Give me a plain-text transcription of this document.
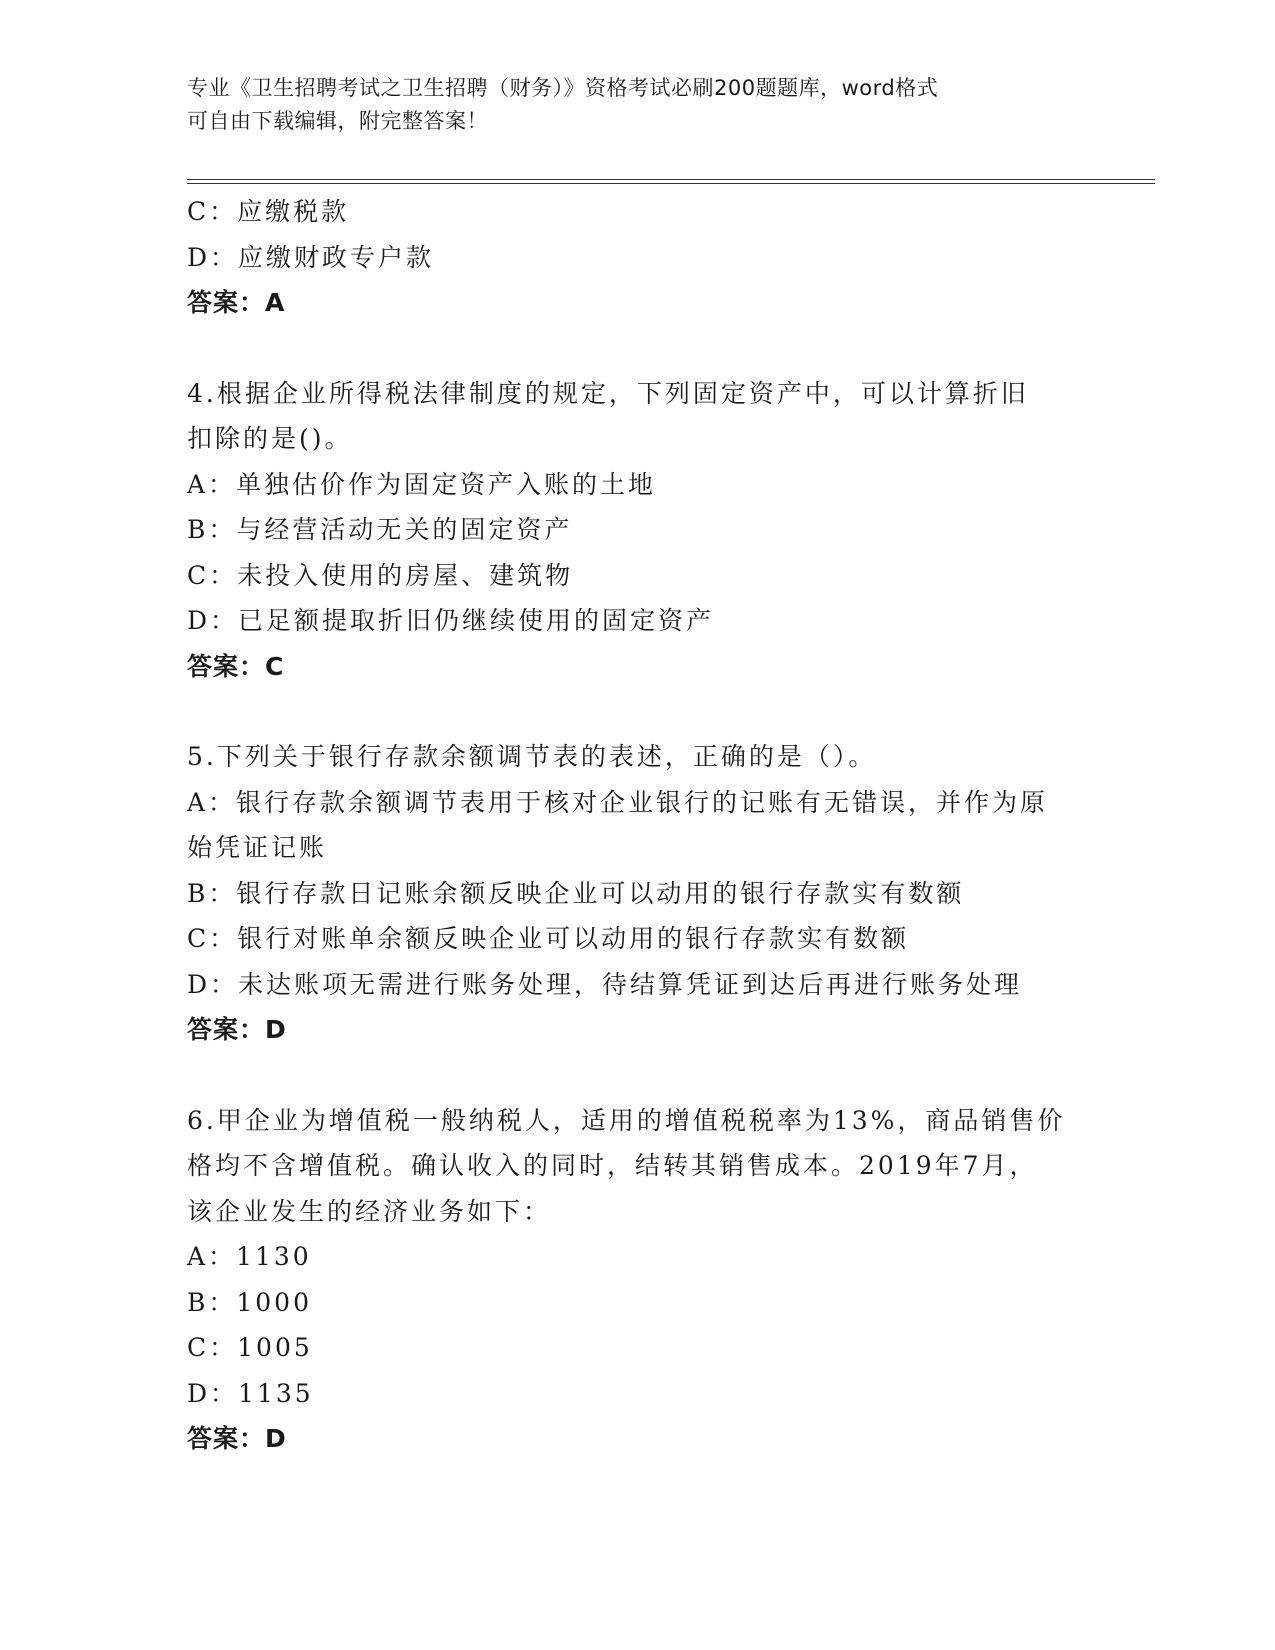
专业《卫生招聘考试之卫生招聘（财务）》资格考试必刷200题题库，word格式
可自由下载编辑，附完整答案！
C：应缴税款
D：应缴财政专户款
答案：A
4.根据企业所得税法律制度的规定，下列固定资产中，可以计算折旧
扣除的是()。
A：单独估价作为固定资产入账的土地
B：与经营活动无关的固定资产
C：未投入使用的房屋、建筑物
D：已足额提取折旧仍继续使用的固定资产
答案：C
5.下列关于银行存款余额调节表的表述，正确的是（）。
A：银行存款余额调节表用于核对企业银行的记账有无错误，并作为原
始凭证记账
B：银行存款日记账余额反映企业可以动用的银行存款实有数额
C：银行对账单余额反映企业可以动用的银行存款实有数额
D：未达账项无需进行账务处理，待结算凭证到达后再进行账务处理
答案：D
6.甲企业为增值税一般纳税人，适用的增值税税率为13%，商品销售价
格均不含增值税。确认收入的同时，结转其销售成本。2019年7月，
该企业发生的经济业务如下：
A：1130
B：1000
C：1005
D：1135
答案：D
